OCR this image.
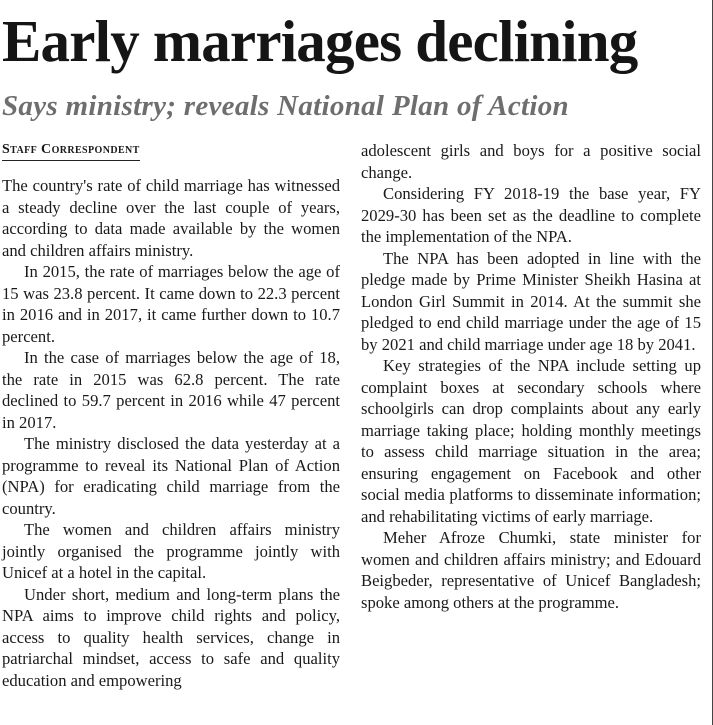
Early marriages declining
Says ministry; reveals National Plan of Action
Staff Correspondent

The country's rate of child marriage has witnessed a steady decline over the last couple of years, according to data made available by the women and children affairs ministry.

In 2015, the rate of marriages below the age of 15 was 23.8 percent. It came down to 22.3 percent in 2016 and in 2017, it came further down to 10.7 percent.

In the case of marriages below the age of 18, the rate in 2015 was 62.8 percent. The rate declined to 59.7 percent in 2016 while 47 percent in 2017.

The ministry disclosed the data yesterday at a programme to reveal its National Plan of Action (NPA) for eradicating child marriage from the country.

The women and children affairs ministry jointly organised the programme jointly with Unicef at a hotel in the capital.

Under short, medium and long-term plans the NPA aims to improve child rights and policy, access to quality health services, change in patriarchal mindset, access to safe and quality education and empowering

adolescent girls and boys for a positive social change.

Considering FY 2018-19 the base year, FY 2029-30 has been set as the deadline to complete the implementation of the NPA.

The NPA has been adopted in line with the pledge made by Prime Minister Sheikh Hasina at London Girl Summit in 2014. At the summit she pledged to end child marriage under the age of 15 by 2021 and child marriage under age 18 by 2041.

Key strategies of the NPA include setting up complaint boxes at secondary schools where schoolgirls can drop complaints about any early marriage taking place; holding monthly meetings to assess child marriage situation in the area; ensuring engagement on Facebook and other social media platforms to disseminate information; and rehabilitating victims of early marriage.

Meher Afroze Chumki, state minister for women and children affairs ministry; and Edouard Beigbeder, representative of Unicef Bangladesh; spoke among others at the programme.
